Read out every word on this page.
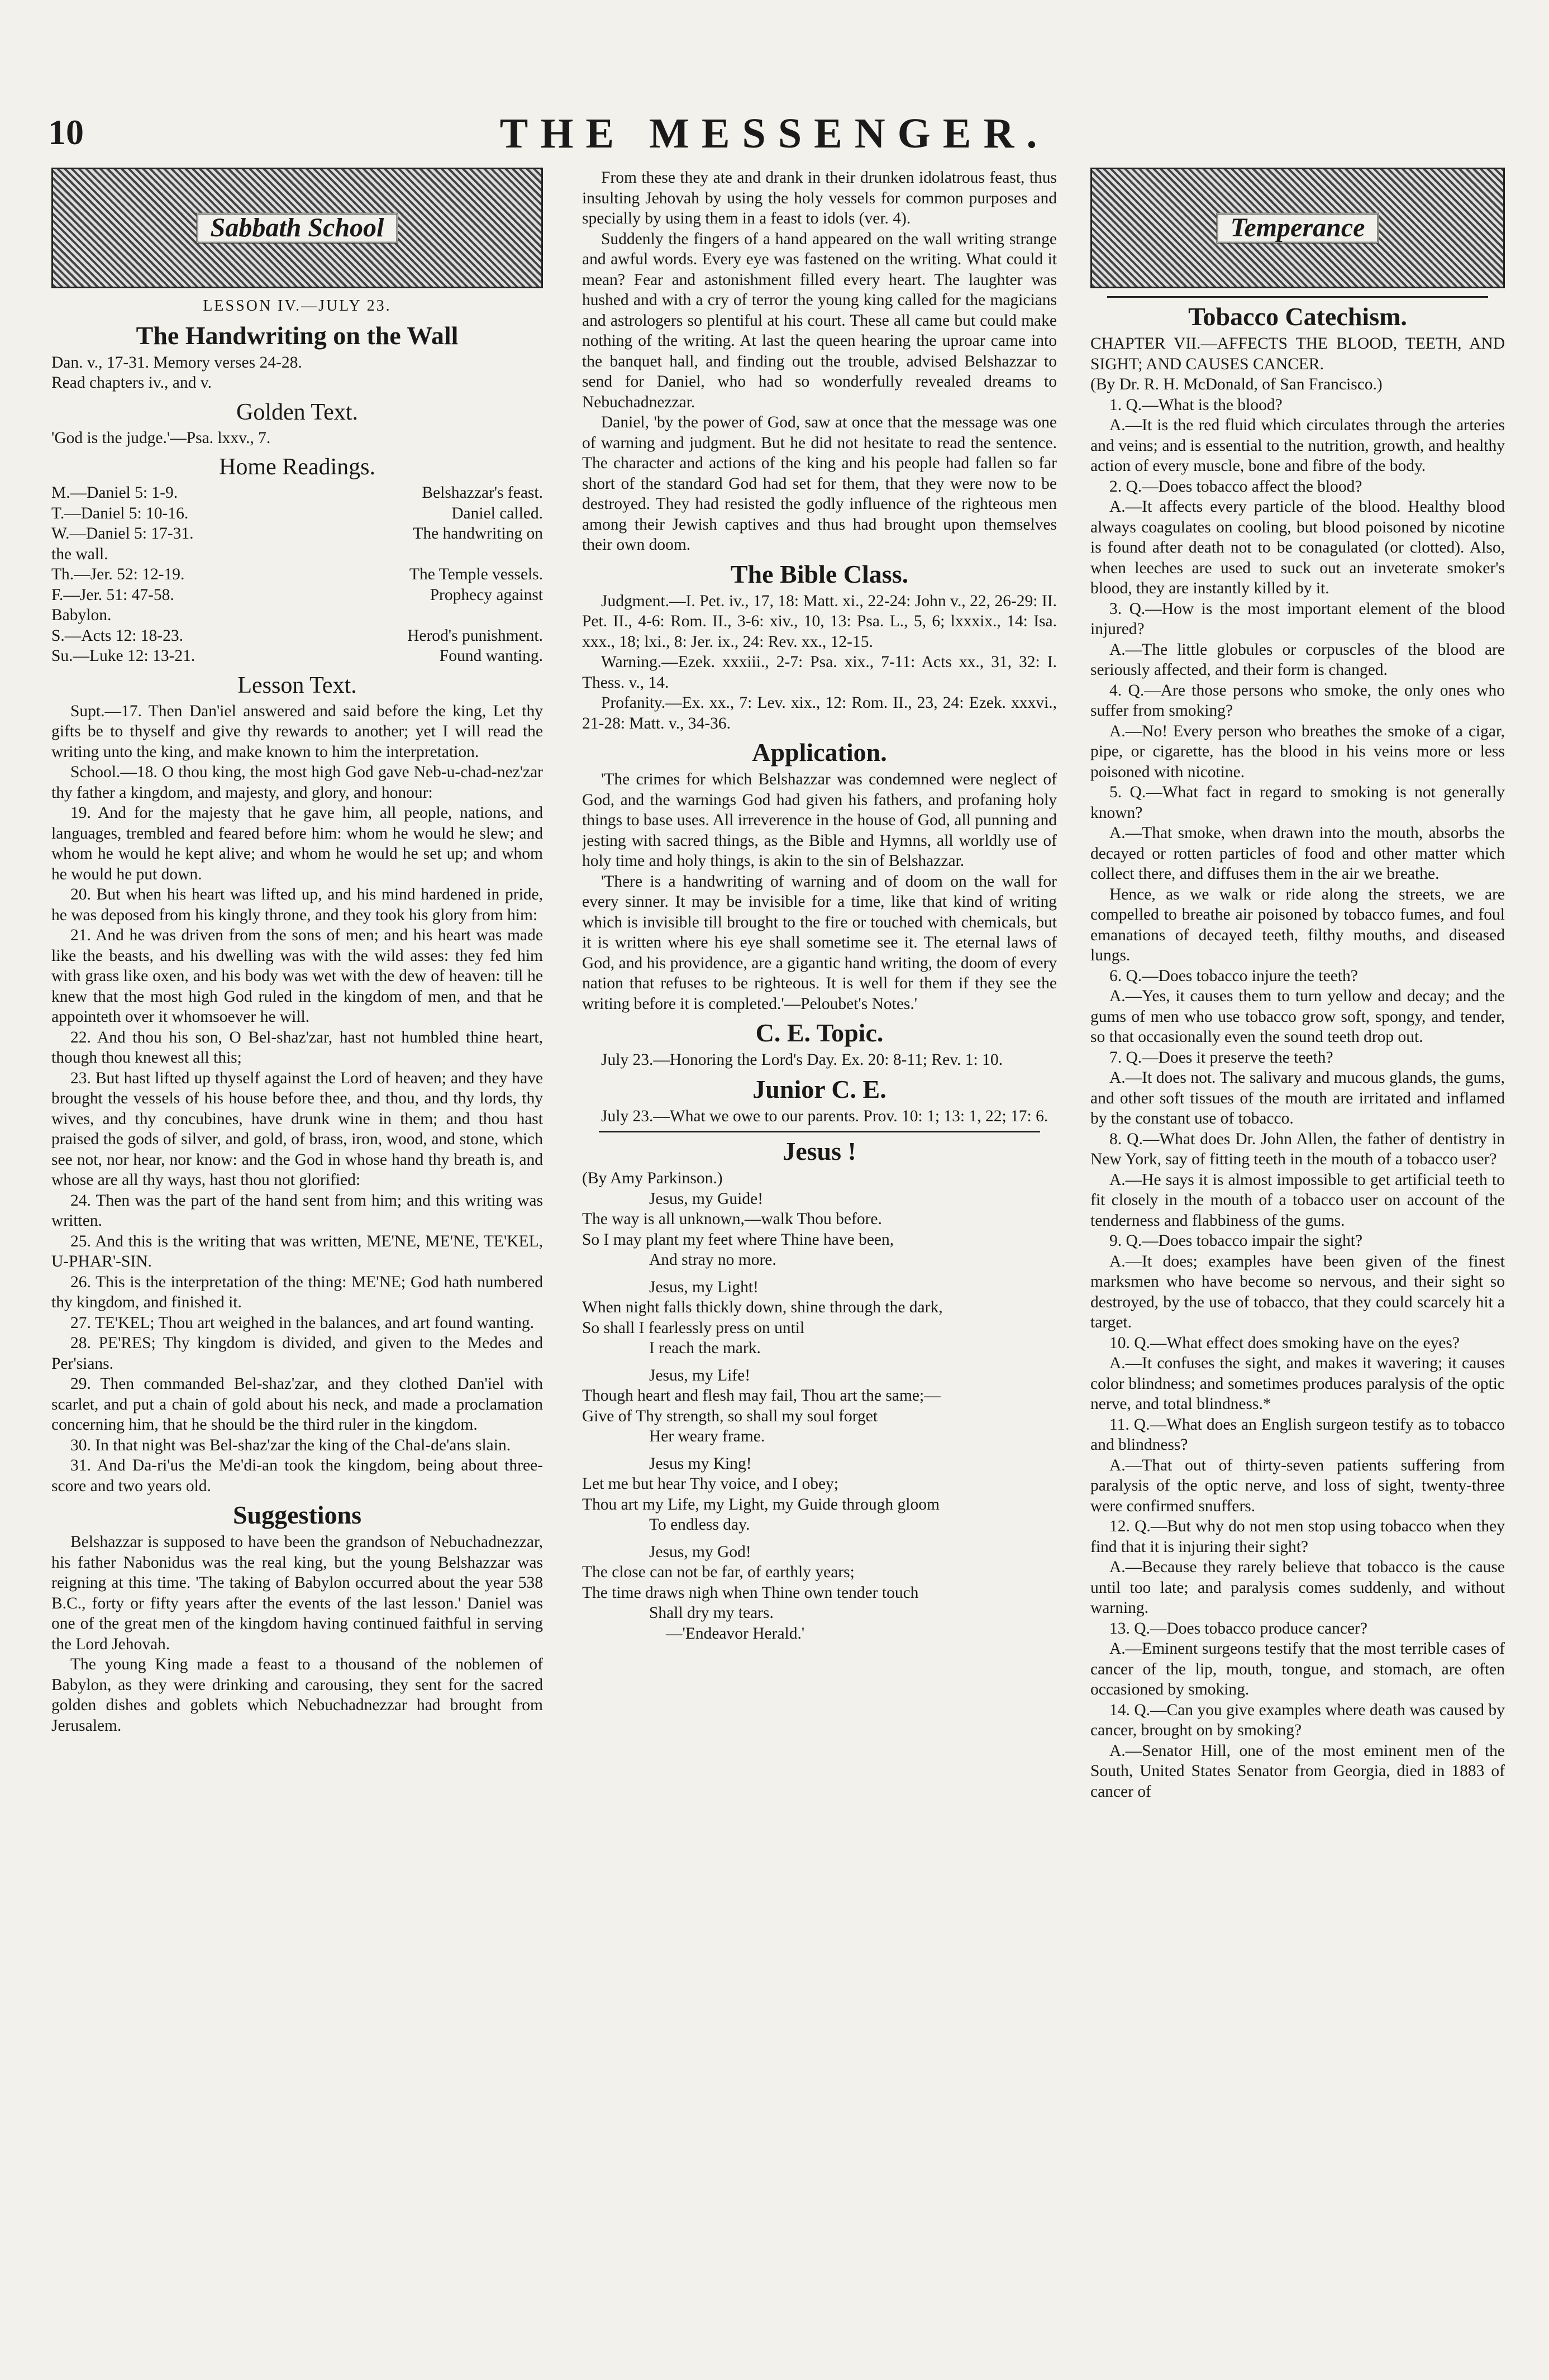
10	THE MESSENGER.
Sabbath School
LESSON IV.—JULY 23.
The Handwriting on the Wall

Dan. v., 17-31. Memory verses 24-28.

Read chapters iv., and v.

Golden Text.

'God is the judge.'—Psa. lxxv., 7.

Home Readings.
M.—Daniel 5: 1-9.	Belshazzar's feast.
T.—Daniel 5: 10-16.	Daniel called.
W.—Daniel 5: 17-31.	The handwriting on
the wall.
Th.—Jer. 52: 12-19.	The Temple vessels.
F.—Jer. 51: 47-58.	Prophecy against
Babylon.
S.—Acts 12: 18-23.	Herod's punishment.
Su.—Luke 12: 13-21.	Found wanting.
Lesson Text.

Supt.—17. Then Dan'iel answered and said before the king, Let thy gifts be to thyself and give thy rewards to another; yet I will read the writing unto the king, and make known to him the interpretation.

School.—18. O thou king, the most high God gave Neb-u-chad-nez'zar thy father a kingdom, and majesty, and glory, and honour:

19. And for the majesty that he gave him, all people, nations, and languages, trembled and feared before him: whom he would he slew; and whom he would he kept alive; and whom he would he set up; and whom he would he put down.

20. But when his heart was lifted up, and his mind hardened in pride, he was deposed from his kingly throne, and they took his glory from him:

21. And he was driven from the sons of men; and his heart was made like the beasts, and his dwelling was with the wild asses: they fed him with grass like oxen, and his body was wet with the dew of heaven: till he knew that the most high God ruled in the kingdom of men, and that he appointeth over it whomsoever he will.

22. And thou his son, O Bel-shaz'zar, hast not humbled thine heart, though thou knewest all this;

23. But hast lifted up thyself against the Lord of heaven; and they have brought the vessels of his house before thee, and thou, and thy lords, thy wives, and thy concubines, have drunk wine in them; and thou hast praised the gods of silver, and gold, of brass, iron, wood, and stone, which see not, nor hear, nor know: and the God in whose hand thy breath is, and whose are all thy ways, hast thou not glorified:

24. Then was the part of the hand sent from him; and this writing was written.

25. And this is the writing that was written, ME'NE, ME'NE, TE'KEL, U-PHAR'-SIN.

26. This is the interpretation of the thing: ME'NE; God hath numbered thy kingdom, and finished it.

27. TE'KEL; Thou art weighed in the balances, and art found wanting.

28. PE'RES; Thy kingdom is divided, and given to the Medes and Per'sians.

29. Then commanded Bel-shaz'zar, and they clothed Dan'iel with scarlet, and put a chain of gold about his neck, and made a proclamation concerning him, that he should be the third ruler in the kingdom.

30. In that night was Bel-shaz'zar the king of the Chal-de'ans slain.

31. And Da-ri'us the Me'di-an took the kingdom, being about three-score and two years old.

Suggestions

Belshazzar is supposed to have been the grandson of Nebuchadnezzar, his father Nabonidus was the real king, but the young Belshazzar was reigning at this time. 'The taking of Babylon occurred about the year 538 B.C., forty or fifty years after the events of the last lesson.' Daniel was one of the great men of the kingdom having continued faithful in serving the Lord Jehovah.

The young King made a feast to a thousand of the noblemen of Babylon, as they were drinking and carousing, they sent for the sacred golden dishes and goblets which Nebuchadnezzar had brought from Jerusalem.

From these they ate and drank in their drunken idolatrous feast, thus insulting Jehovah by using the holy vessels for common purposes and specially by using them in a feast to idols (ver. 4).

Suddenly the fingers of a hand appeared on the wall writing strange and awful words. Every eye was fastened on the writing. What could it mean? Fear and astonishment filled every heart. The laughter was hushed and with a cry of terror the young king called for the magicians and astrologers so plentiful at his court. These all came but could make nothing of the writing. At last the queen hearing the uproar came into the banquet hall, and finding out the trouble, advised Belshazzar to send for Daniel, who had so wonderfully revealed dreams to Nebuchadnezzar.

Daniel, 'by the power of God, saw at once that the message was one of warning and judgment. But he did not hesitate to read the sentence. The character and actions of the king and his people had fallen so far short of the standard God had set for them, that they were now to be destroyed. They had resisted the godly influence of the righteous men among their Jewish captives and thus had brought upon themselves their own doom.

The Bible Class.

Judgment.—I. Pet. iv., 17, 18: Matt. xi., 22-24: John v., 22, 26-29: II. Pet. II., 4-6: Rom. II., 3-6: xiv., 10, 13: Psa. L., 5, 6; lxxxix., 14: Isa. xxx., 18; lxi., 8: Jer. ix., 24: Rev. xx., 12-15.

Warning.—Ezek. xxxiii., 2-7: Psa. xix., 7-11: Acts xx., 31, 32: I. Thess. v., 14.

Profanity.—Ex. xx., 7: Lev. xix., 12: Rom. II., 23, 24: Ezek. xxxvi., 21-28: Matt. v., 34-36.

Application.

'The crimes for which Belshazzar was condemned were neglect of God, and the warnings God had given his fathers, and profaning holy things to base uses. All irreverence in the house of God, all punning and jesting with sacred things, as the Bible and Hymns, all worldly use of holy time and holy things, is akin to the sin of Belshazzar.

'There is a handwriting of warning and of doom on the wall for every sinner. It may be invisible for a time, like that kind of writing which is invisible till brought to the fire or touched with chemicals, but it is written where his eye shall sometime see it. The eternal laws of God, and his providence, are a gigantic hand writing, the doom of every nation that refuses to be righteous. It is well for them if they see the writing before it is completed.'—Peloubet's Notes.'

C. E. Topic.

July 23.—Honoring the Lord's Day. Ex. 20: 8-11; Rev. 1: 10.

Junior C. E.

July 23.—What we owe to our parents. Prov. 10: 1; 13: 1, 22; 17: 6.

Jesus !

(By Amy Parkinson.)

Jesus, my Guide!

The way is all unknown,—walk Thou before.

So I may plant my feet where Thine have been,

And stray no more.

Jesus, my Light!

When night falls thickly down, shine through the dark,

So shall I fearlessly press on until

I reach the mark.

Jesus, my Life!

Though heart and flesh may fail, Thou art the same;—

Give of Thy strength, so shall my soul forget

Her weary frame.

Jesus my King!

Let me but hear Thy voice, and I obey;

Thou art my Life, my Light, my Guide through gloom

To endless day.

Jesus, my God!

The close can not be far, of earthly years;

The time draws nigh when Thine own tender touch

Shall dry my tears.

—'Endeavor Herald.'

Temperance
Tobacco Catechism.

CHAPTER VII.—AFFECTS THE BLOOD, TEETH, AND SIGHT; AND CAUSES CANCER.

(By Dr. R. H. McDonald, of San Francisco.)

1. Q.—What is the blood?

A.—It is the red fluid which circulates through the arteries and veins; and is essential to the nutrition, growth, and healthy action of every muscle, bone and fibre of the body.

2. Q.—Does tobacco affect the blood?

A.—It affects every particle of the blood. Healthy blood always coagulates on cooling, but blood poisoned by nicotine is found after death not to be conagulated (or clotted). Also, when leeches are used to suck out an inveterate smoker's blood, they are instantly killed by it.

3. Q.—How is the most important element of the blood injured?

A.—The little globules or corpuscles of the blood are seriously affected, and their form is changed.

4. Q.—Are those persons who smoke, the only ones who suffer from smoking?

A.—No! Every person who breathes the smoke of a cigar, pipe, or cigarette, has the blood in his veins more or less poisoned with nicotine.

5. Q.—What fact in regard to smoking is not generally known?

A.—That smoke, when drawn into the mouth, absorbs the decayed or rotten particles of food and other matter which collect there, and diffuses them in the air we breathe.

Hence, as we walk or ride along the streets, we are compelled to breathe air poisoned by tobacco fumes, and foul emanations of decayed teeth, filthy mouths, and diseased lungs.

6. Q.—Does tobacco injure the teeth?

A.—Yes, it causes them to turn yellow and decay; and the gums of men who use tobacco grow soft, spongy, and tender, so that occasionally even the sound teeth drop out.

7. Q.—Does it preserve the teeth?

A.—It does not. The salivary and mucous glands, the gums, and other soft tissues of the mouth are irritated and inflamed by the constant use of tobacco.

8. Q.—What does Dr. John Allen, the father of dentistry in New York, say of fitting teeth in the mouth of a tobacco user?

A.—He says it is almost impossible to get artificial teeth to fit closely in the mouth of a tobacco user on account of the tenderness and flabbiness of the gums.

9. Q.—Does tobacco impair the sight?

A.—It does; examples have been given of the finest marksmen who have become so nervous, and their sight so destroyed, by the use of tobacco, that they could scarcely hit a target.

10. Q.—What effect does smoking have on the eyes?

A.—It confuses the sight, and makes it wavering; it causes color blindness; and sometimes produces paralysis of the optic nerve, and total blindness.*

11. Q.—What does an English surgeon testify as to tobacco and blindness?

A.—That out of thirty-seven patients suffering from paralysis of the optic nerve, and loss of sight, twenty-three were confirmed snuffers.

12. Q.—But why do not men stop using tobacco when they find that it is injuring their sight?

A.—Because they rarely believe that tobacco is the cause until too late; and paralysis comes suddenly, and without warning.

13. Q.—Does tobacco produce cancer?

A.—Eminent surgeons testify that the most terrible cases of cancer of the lip, mouth, tongue, and stomach, are often occasioned by smoking.

14. Q.—Can you give examples where death was caused by cancer, brought on by smoking?

A.—Senator Hill, one of the most eminent men of the South, United States Senator from Georgia, died in 1883 of cancer of
